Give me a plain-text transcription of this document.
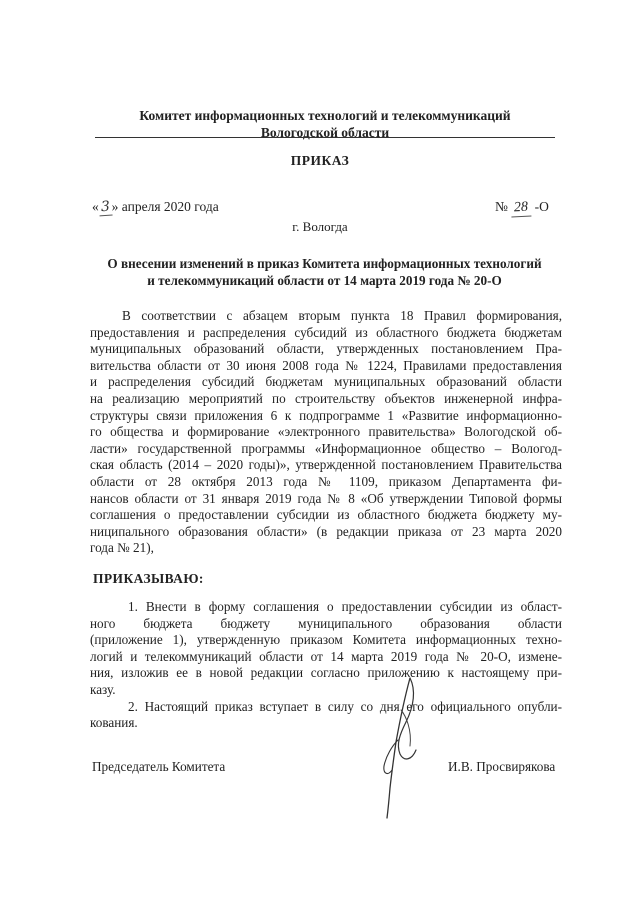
Комитет информационных технологий и телекоммуникаций
Вологодской области
ПРИКАЗ
«3» апреля 2020 года	№ 28 -О
г. Вологда
О внесении изменений в приказ Комитета информационных технологий
и телекоммуникаций области от 14 марта 2019 года № 20-О
В соответствии с абзацем вторым пункта 18 Правил формирования,
предоставления и распределения субсидий из областного бюджета бюджетам
муниципальных образований области, утвержденных постановлением Пра-
вительства области от 30 июня 2008 года № 1224, Правилами предоставления
и распределения субсидий бюджетам муниципальных образований области
на реализацию мероприятий по строительству объектов инженерной инфра-
структуры связи приложения 6 к подпрограмме 1 «Развитие информационно-
го общества и формирование «электронного правительства» Вологодской об-
ласти» государственной программы «Информационное общество – Вологод-
ская область (2014 – 2020 годы)», утвержденной постановлением Правительства
области от 28 октября 2013 года № 1109, приказом Департамента фи-
нансов области от 31 января 2019 года № 8 «Об утверждении Типовой формы
соглашения о предоставлении субсидии из областного бюджета бюджету му-
ниципального образования области» (в редакции приказа от 23 марта 2020
года № 21),
ПРИКАЗЫВАЮ:
1. Внести в форму соглашения о предоставлении субсидии из област-
ного бюджета бюджету муниципального образования области
(приложение 1), утвержденную приказом Комитета информационных техно-
логий и телекоммуникаций области от 14 марта 2019 года № 20-О, измене-
ния, изложив ее в новой редакции согласно приложению к настоящему при-
казу.
2. Настоящий приказ вступает в силу со дня его официального опубли-
кования.
Председатель Комитета	И.В. Просвирякова
